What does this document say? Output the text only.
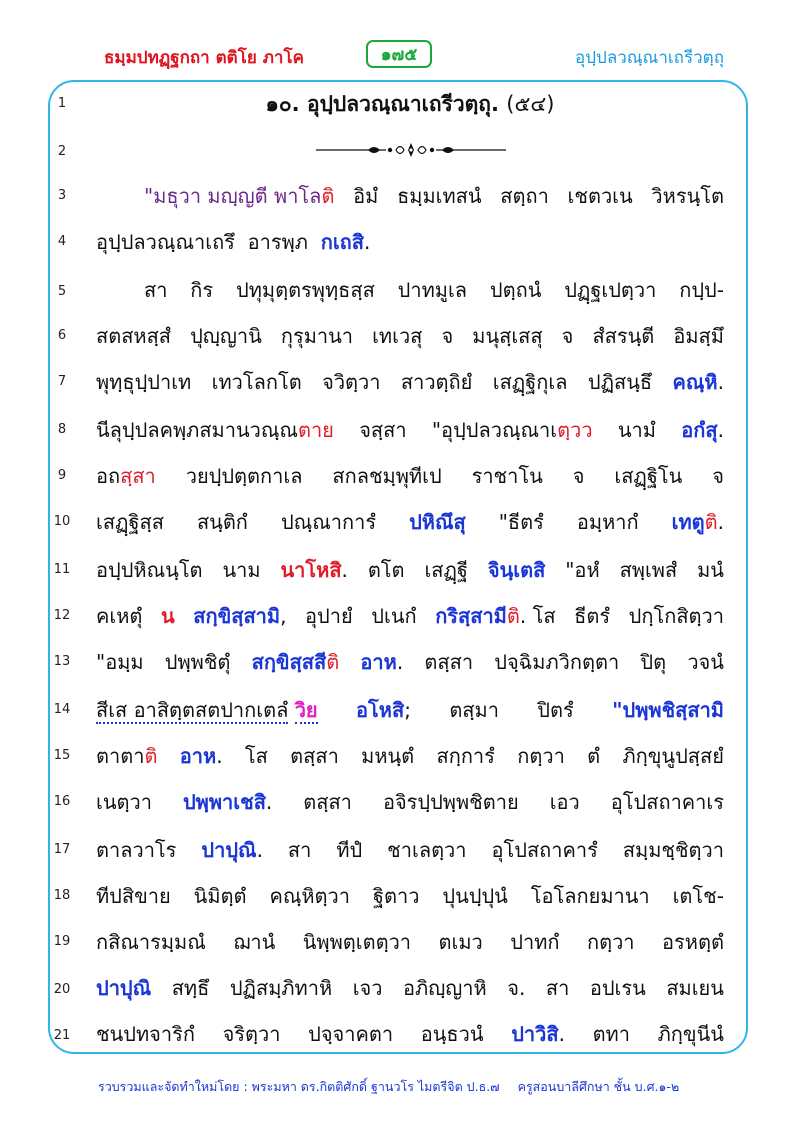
ธมฺมปทฏฺฐกถา ตติโย ภาโค	๑๗๕	อุปฺปลวณฺณาเถรีวตฺถุ
1
2
3
4
5
6
7
8
9
10
11
12
13
14
15
16
17
18
19
20
21
๑๐. อุปฺปลวณฺณาเถรีวตฺถุ. (๕๔)
"มธุวา มญฺญตี พาโลติ อิมํ ธมฺมเทสนํ สตฺถา เชตวเน วิหรนฺโต
อุปฺปลวณฺณาเถรึ อารพฺภ กเถสิ.
สา กิร ปทุมุตฺตรพุทฺธสฺส ปาทมูเล ปตฺถนํ ปฏฺฐเปตฺวา กปฺป-
สตสหสฺสํ ปุญฺญานิ กุรุมานา เทเวสุ จ มนุสฺเสสุ จ สํสรนฺตี อิมสฺมึ
พุทฺธุปฺปาเท เทวโลกโต จวิตฺวา สาวตฺถิยํ เสฏฺฐิกุเล ปฏิสนฺธึ คณฺหิ.
นีลุปฺปลคพฺภสมานวณฺณตาย จสฺสา "อุปฺปลวณฺณาเตฺวว นามํ อกํสุ.
อถสฺสา วยปฺปตฺตกาเล สกลชมฺพุทีเป ราชาโน จ เสฏฺฐิโน จ
เสฏฺฐิสฺส สนฺติกํ ปณฺณาการํ ปหิณึสุ "ธีตรํ อมฺหากํ เทตูติ.
อปฺปหิณนฺโต นาม นาโหสิ. ตโต เสฏฺฐี จินฺเตสิ "อหํ สพฺเพสํ มนํ
คเหตุํ น สกฺขิสฺสามิ, อุปายํ ปเนกํ กริสฺสามีติ. โส ธีตรํ ปกฺโกสิตฺวา
"อมฺม ปพฺพชิตุํ สกฺขิสฺสสีติ อาห. ตสฺสา ปจฺฉิมภวิกตฺตา ปิตุ วจนํ
สีเส อาสิตฺตสตปากเตลํ วิย อโหสิ; ตสฺมา ปิตรํ "ปพฺพชิสฺสามิ
ตาตาติ อาห. โส ตสฺสา มหนฺตํ สกฺการํ กตฺวา ตํ ภิกฺขุนูปสฺสยํ
เนตฺวา ปพฺพาเชสิ. ตสฺสา อจิรปฺปพฺพชิตาย เอว อุโปสถาคาเร
ตาลวาโร ปาปุณิ. สา ทีปํ ชาเลตฺวา อุโปสถาคารํ สมฺมชฺชิตฺวา
ทีปสิขาย นิมิตฺตํ คณฺหิตฺวา ฐิตาว ปุนปฺปุนํ โอโลกยมานา เตโช-
กสิณารมฺมณํ ฌานํ นิพฺพตฺเตตฺวา ตเมว ปาทกํ กตฺวา อรหตฺตํ
ปาปุณิ สทฺธึ ปฏิสมฺภิทาหิ เจว อภิญฺญาหิ จ. สา อปเรน สมเยน
ชนปทจาริกํ จริตฺวา ปจฺจาคตา อนฺธวนํ ปาวิสิ. ตทา ภิกฺขุนีนํ
รวบรวมและจัดทำใหม่โดย : พระมหา ดร.กิตติศักดิ์ ฐานวโร ไมตรีจิต ป.ธ.๗ ครูสอนบาลีศึกษา ชั้น บ.ศ.๑-๒
